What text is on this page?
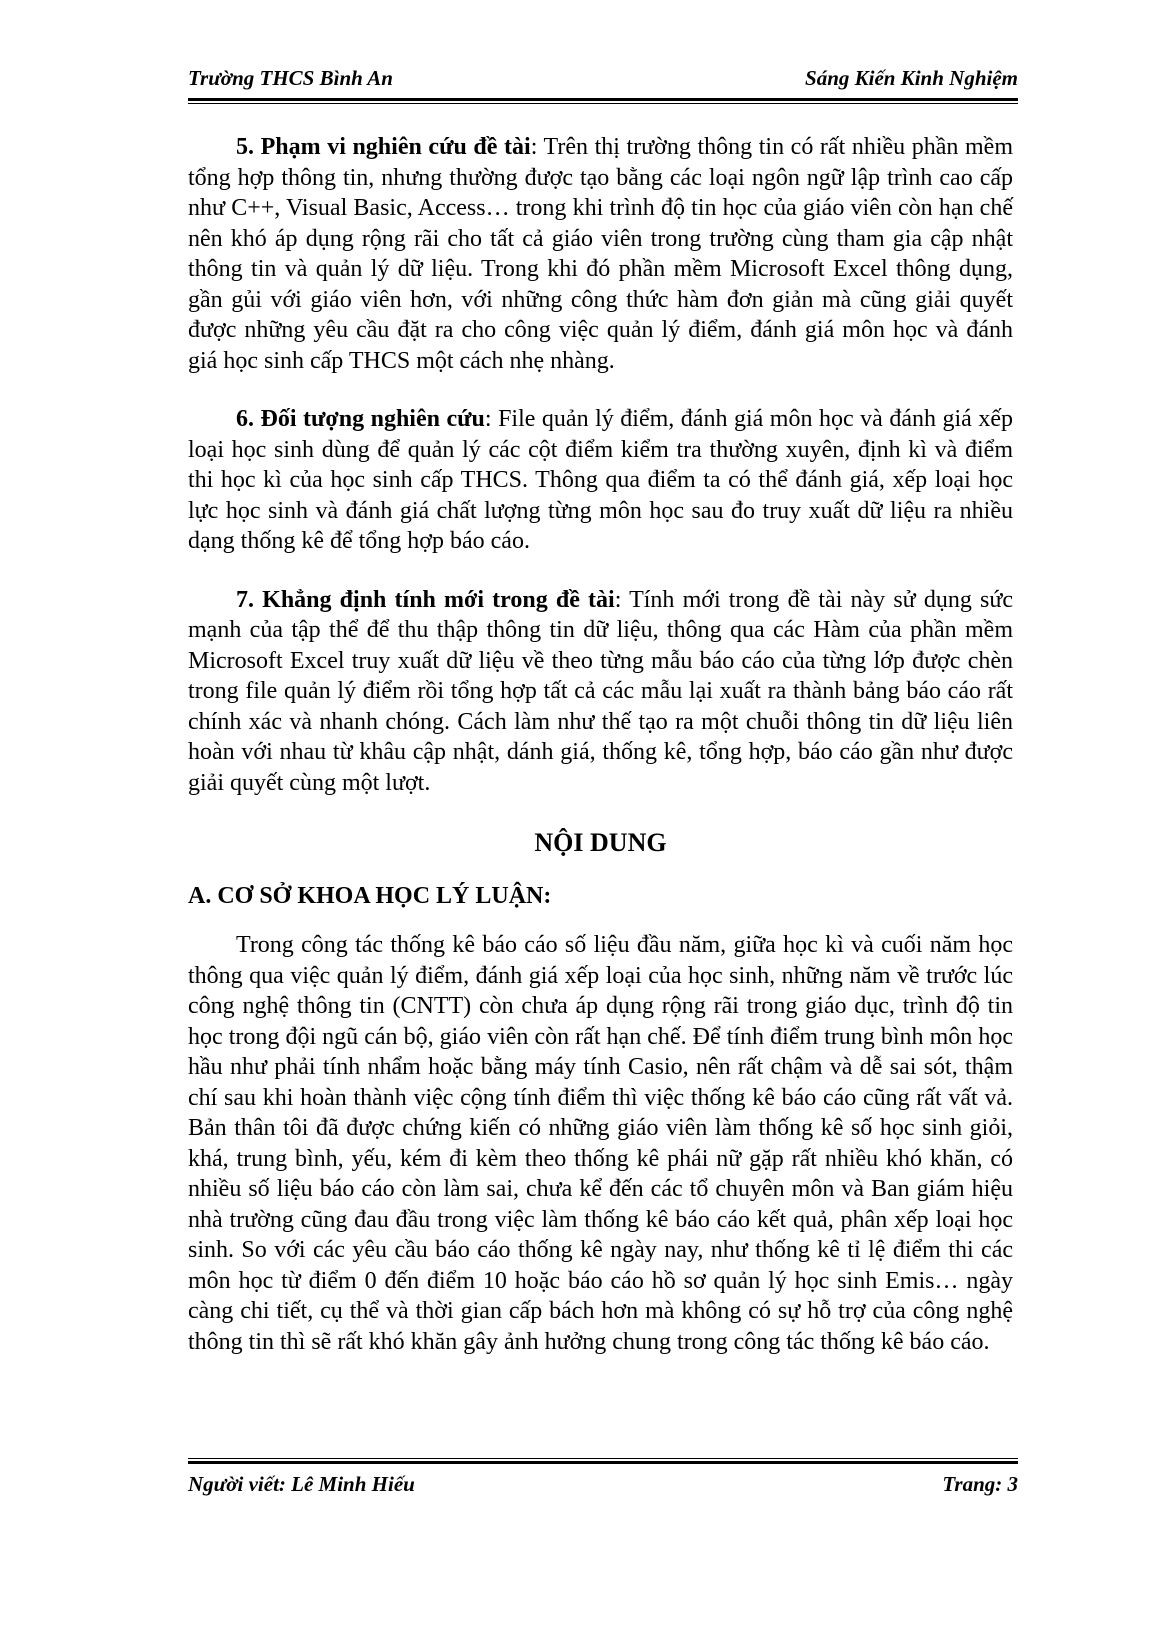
Trường THCS Bình An	Sáng Kiến Kinh Nghiệm

5. Phạm vi nghiên cứu đề tài: Trên thị trường thông tin có rất nhiều phần mềm tổng hợp thông tin, nhưng thường được tạo bằng các loại ngôn ngữ lập trình cao cấp như C++, Visual Basic, Access… trong khi trình độ tin học của giáo viên còn hạn chế nên khó áp dụng rộng rãi cho tất cả giáo viên trong trường cùng tham gia cập nhật thông tin và quản lý dữ liệu. Trong khi đó phần mềm Microsoft Excel thông dụng, gần gủi với giáo viên hơn, với những công thức hàm đơn giản mà cũng giải quyết được những yêu cầu đặt ra cho công việc quản lý điểm, đánh giá môn học và đánh giá học sinh cấp THCS một cách nhẹ nhàng.

6. Đối tượng nghiên cứu: File quản lý điểm, đánh giá môn học và đánh giá xếp loại học sinh dùng để quản lý các cột điểm kiểm tra thường xuyên, định kì và điểm thi học kì của học sinh cấp THCS. Thông qua điểm ta có thể đánh giá, xếp loại học lực học sinh và đánh giá chất lượng từng môn học sau đo truy xuất dữ liệu ra nhiều dạng thống kê để tổng hợp báo cáo.

7. Khẳng định tính mới trong đề tài: Tính mới trong đề tài này sử dụng sức mạnh của tập thể để thu thập thông tin dữ liệu, thông qua các Hàm của phần mềm Microsoft Excel truy xuất dữ liệu về theo từng mẫu báo cáo của từng lớp được chèn trong file quản lý điểm rồi tổng hợp tất cả các mẫu lại xuất ra thành bảng báo cáo rất chính xác và nhanh chóng. Cách làm như thế tạo ra một chuỗi thông tin dữ liệu liên hoàn với nhau từ khâu cập nhật, dánh giá, thống kê, tổng hợp, báo cáo gần như được giải quyết cùng một lượt.

NỘI DUNG
A. CƠ SỞ KHOA HỌC LÝ LUẬN:

Trong công tác thống kê báo cáo số liệu đầu năm, giữa học kì và cuối năm học thông qua việc quản lý điểm, đánh giá xếp loại của học sinh, những năm về trước lúc công nghệ thông tin (CNTT) còn chưa áp dụng rộng rãi trong giáo dục, trình độ tin học trong đội ngũ cán bộ, giáo viên còn rất hạn chế. Để tính điểm trung bình môn học hầu như phải tính nhẩm hoặc bằng máy tính Casio, nên rất chậm và dễ sai sót, thậm chí sau khi hoàn thành việc cộng tính điểm thì việc thống kê báo cáo cũng rất vất vả. Bản thân tôi đã được chứng kiến có những giáo viên làm thống kê số học sinh giỏi, khá, trung bình, yếu, kém đi kèm theo thống kê phái nữ gặp rất nhiều khó khăn, có nhiều số liệu báo cáo còn làm sai, chưa kể đến các tổ chuyên môn và Ban giám hiệu nhà trường cũng đau đầu trong việc làm thống kê báo cáo kết quả, phân xếp loại học sinh. So với các yêu cầu báo cáo thống kê ngày nay, như thống kê tỉ lệ điểm thi các môn học từ điểm 0 đến điểm 10 hoặc báo cáo hồ sơ quản lý học sinh Emis… ngày càng chi tiết, cụ thể và thời gian cấp bách hơn mà không có sự hỗ trợ của công nghệ thông tin thì sẽ rất khó khăn gây ảnh hưởng chung trong công tác thống kê báo cáo.

Người viết: Lê Minh Hiếu	Trang: 3
